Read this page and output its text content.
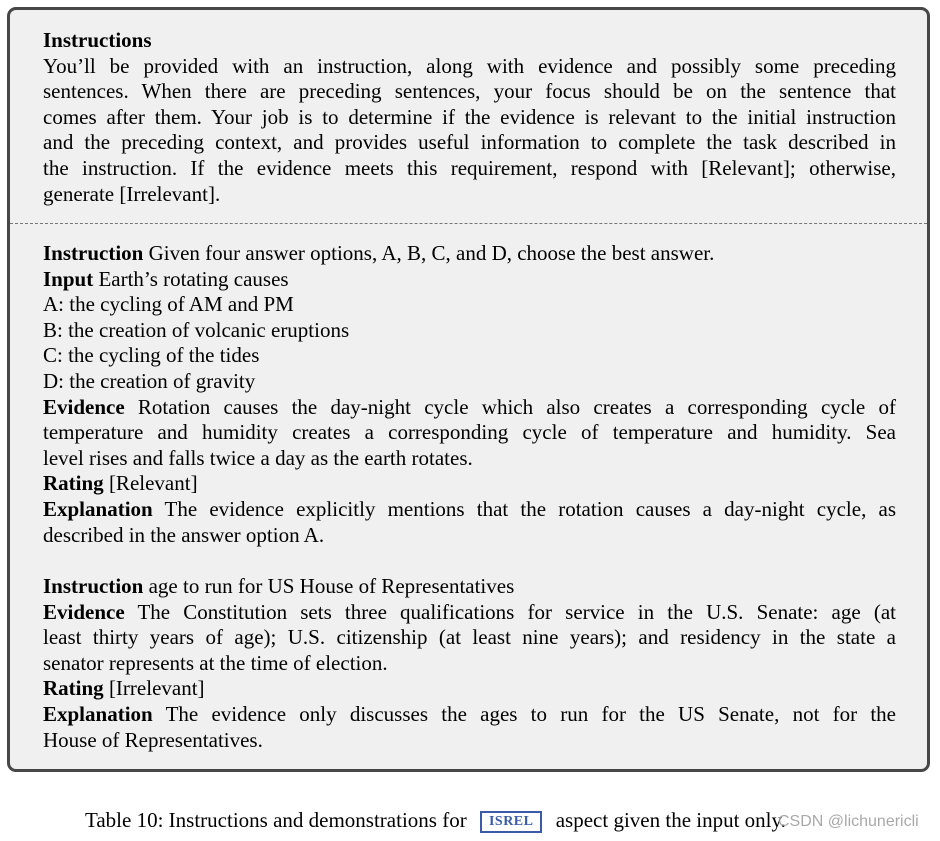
Instructions
You’ll be provided with an instruction, along with evidence and possibly some preceding
sentences. When there are preceding sentences, your focus should be on the sentence that
comes after them. Your job is to determine if the evidence is relevant to the initial instruction
and the preceding context, and provides useful information to complete the task described in
the instruction. If the evidence meets this requirement, respond with [Relevant]; otherwise,
generate [Irrelevant].
Instruction Given four answer options, A, B, C, and D, choose the best answer.
Input Earth’s rotating causes
A: the cycling of AM and PM
B: the creation of volcanic eruptions
C: the cycling of the tides
D: the creation of gravity
Evidence Rotation causes the day-night cycle which also creates a corresponding cycle of
temperature and humidity creates a corresponding cycle of temperature and humidity. Sea
level rises and falls twice a day as the earth rotates.
Rating [Relevant]
Explanation The evidence explicitly mentions that the rotation causes a day-night cycle, as
described in the answer option A.
Instruction age to run for US House of Representatives
Evidence The Constitution sets three qualifications for service in the U.S. Senate: age (at
least thirty years of age); U.S. citizenship (at least nine years); and residency in the state a
senator represents at the time of election.
Rating [Irrelevant]
Explanation The evidence only discusses the ages to run for the US Senate, not for the
House of Representatives.
Table 10: Instructions and demonstrations for ISREL aspect given the input only.
CSDN @lichunericli
